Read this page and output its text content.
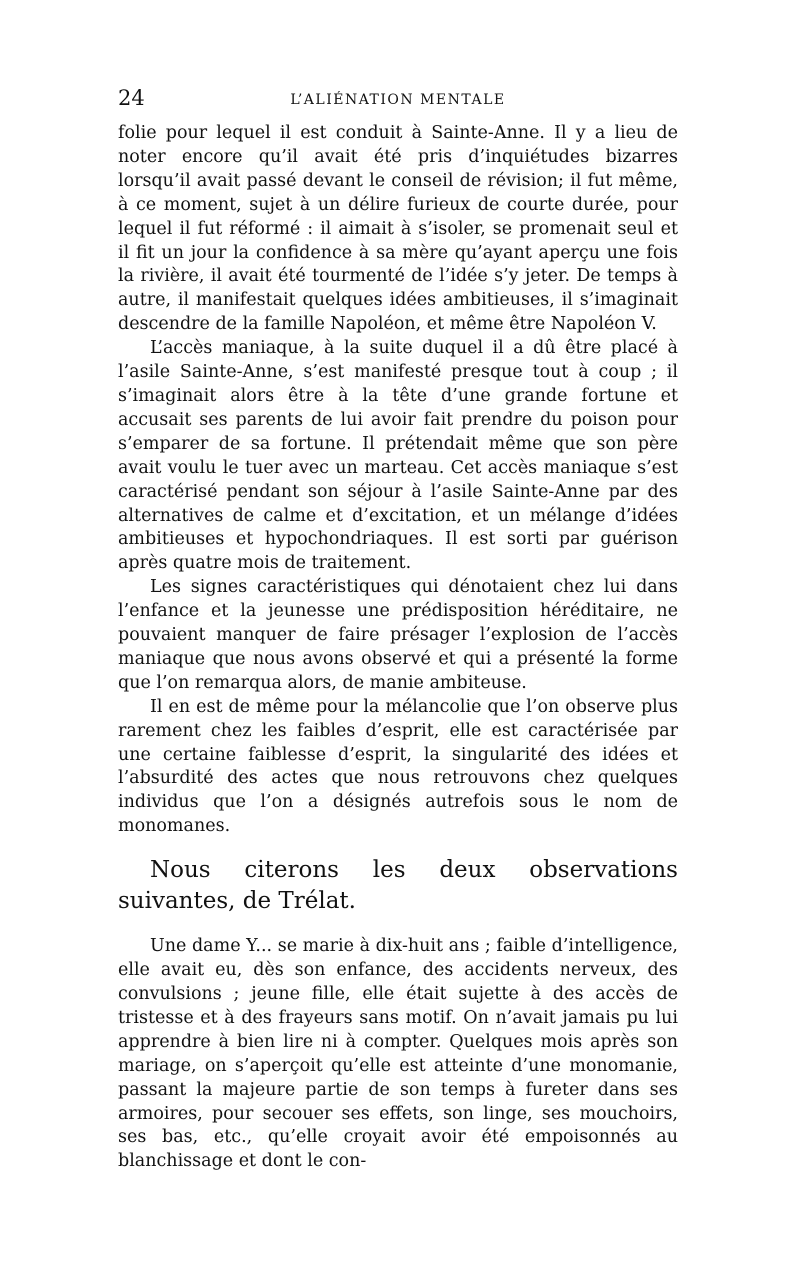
24	L’ALIÉNATION MENTALE

folie pour lequel il est conduit à Sainte-Anne. Il y a lieu de noter encore qu’il avait été pris d’inquiétudes bizarres lorsqu’il avait passé devant le conseil de révision; il fut même, à ce moment, sujet à un délire furieux de courte durée, pour lequel il fut réformé : il aimait à s’isoler, se promenait seul et il fit un jour la confidence à sa mère qu’ayant aperçu une fois la rivière, il avait été tourmenté de l’idée s’y jeter. De temps à autre, il manifestait quelques idées ambitieuses, il s’imaginait descendre de la famille Napoléon, et même être Napoléon V.

L’accès maniaque, à la suite duquel il a dû être placé à l’asile Sainte-Anne, s’est manifesté presque tout à coup ; il s’imaginait alors être à la tête d’une grande fortune et accusait ses parents de lui avoir fait prendre du poison pour s’emparer de sa fortune. Il prétendait même que son père avait voulu le tuer avec un marteau. Cet accès maniaque s’est caractérisé pendant son séjour à l’asile Sainte-Anne par des alternatives de calme et d’excitation, et un mélange d’idées ambitieuses et hypochondriaques. Il est sorti par guérison après quatre mois de traitement.

Les signes caractéristiques qui dénotaient chez lui dans l’enfance et la jeunesse une prédisposition héréditaire, ne pouvaient manquer de faire présager l’explosion de l’accès maniaque que nous avons observé et qui a présenté la forme que l’on remarqua alors, de manie ambiteuse.

Il en est de même pour la mélancolie que l’on observe plus rarement chez les faibles d’esprit, elle est caractérisée par une certaine faiblesse d’esprit, la singularité des idées et l’absurdité des actes que nous retrouvons chez quelques individus que l’on a désignés autrefois sous le nom de monomanes.

Nous citerons les deux observations suivantes, de Trélat.

Une dame Y... se marie à dix-huit ans ; faible d’intelligence, elle avait eu, dès son enfance, des accidents nerveux, des convulsions ; jeune fille, elle était sujette à des accès de tristesse et à des frayeurs sans motif. On n’avait jamais pu lui apprendre à bien lire ni à compter. Quelques mois après son mariage, on s’aperçoit qu’elle est atteinte d’une monomanie, passant la majeure partie de son temps à fureter dans ses armoires, pour secouer ses effets, son linge, ses mouchoirs, ses bas, etc., qu’elle croyait avoir été empoisonnés au blanchissage et dont le con-
